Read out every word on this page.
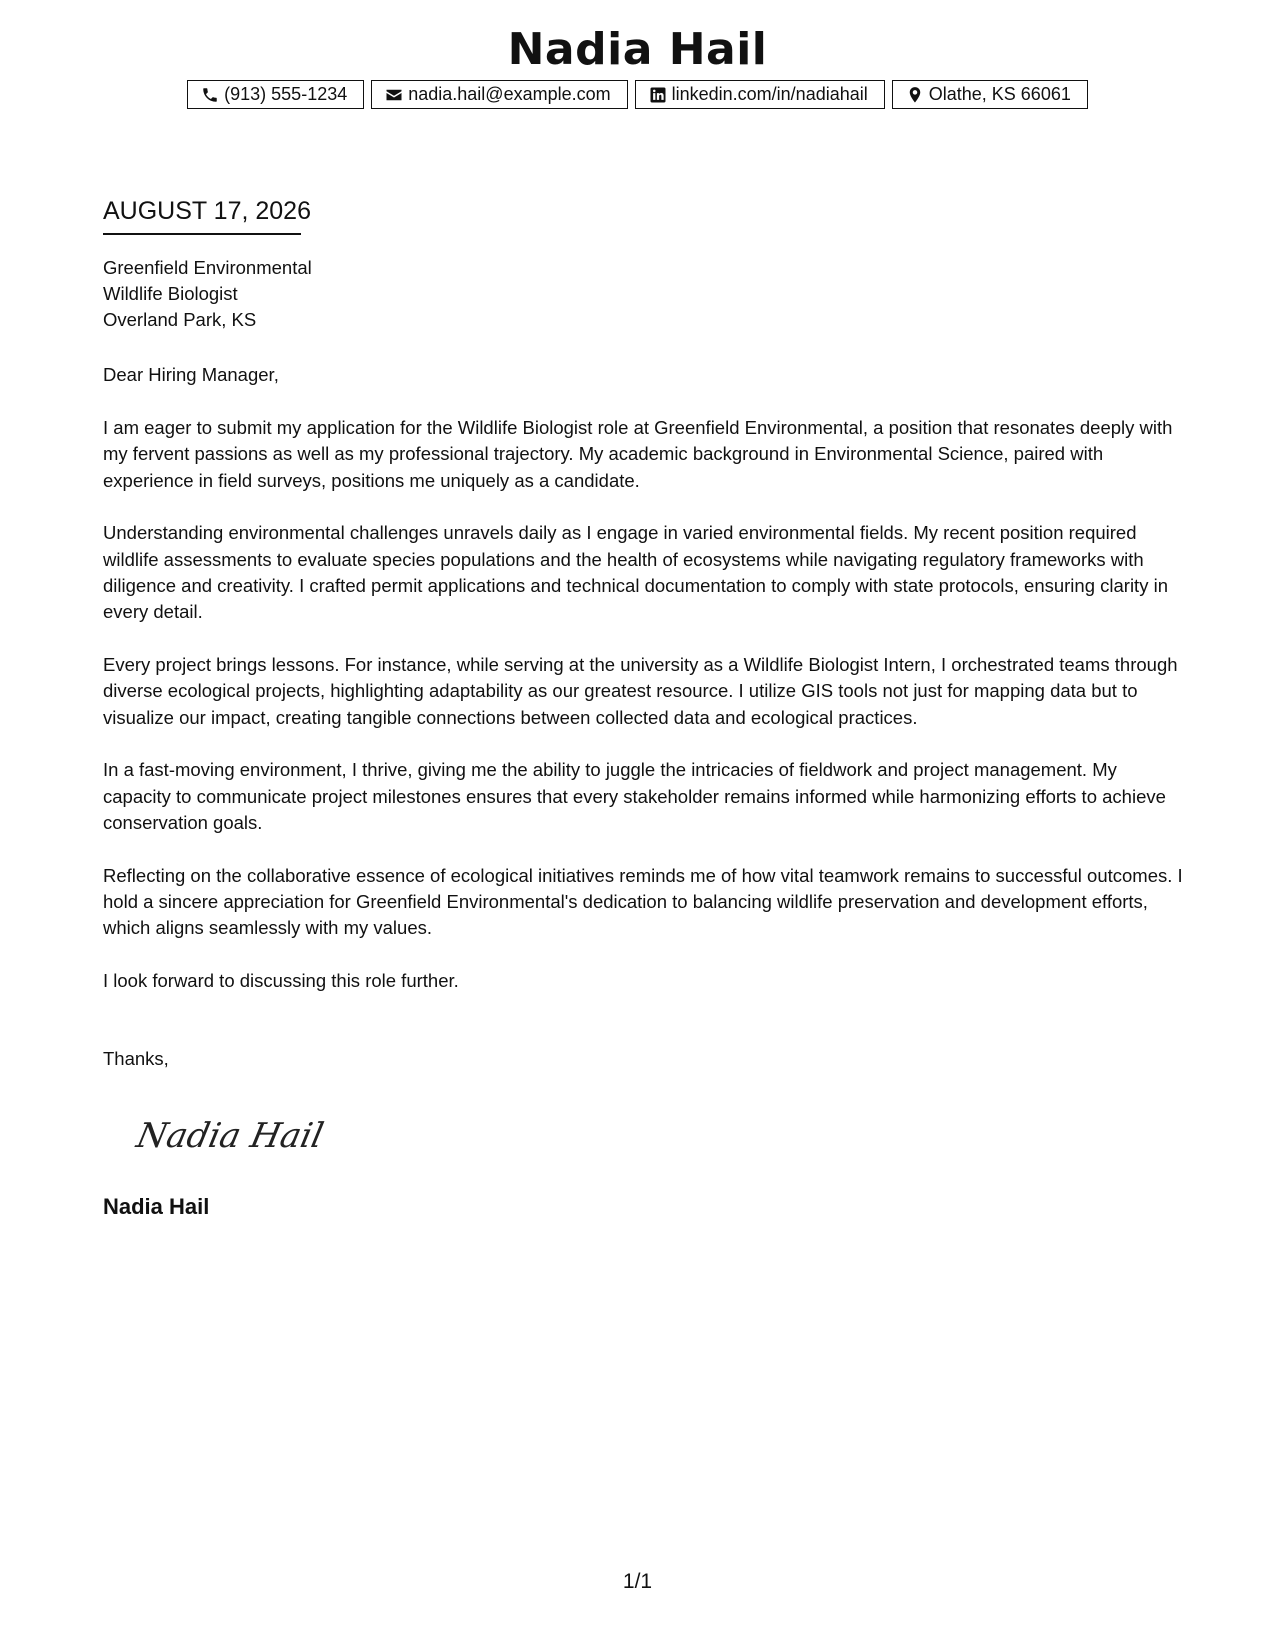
Nadia Hail
(913) 555-1234	nadia.hail@example.com	linkedin.com/in/nadiahail	Olathe, KS 66061
AUGUST 17, 2026
Greenfield Environmental
Wildlife Biologist
Overland Park, KS
Dear Hiring Manager,

I am eager to submit my application for the Wildlife Biologist role at Greenfield Environmental, a position that resonates deeply with my fervent passions as well as my professional trajectory. My academic background in Environmental Science, paired with experience in field surveys, positions me uniquely as a candidate.

Understanding environmental challenges unravels daily as I engage in varied environmental fields. My recent position required wildlife assessments to evaluate species populations and the health of ecosystems while navigating regulatory frameworks with diligence and creativity. I crafted permit applications and technical documentation to comply with state protocols, ensuring clarity in every detail.

Every project brings lessons. For instance, while serving at the university as a Wildlife Biologist Intern, I orchestrated teams through diverse ecological projects, highlighting adaptability as our greatest resource. I utilize GIS tools not just for mapping data but to visualize our impact, creating tangible connections between collected data and ecological practices.

In a fast-moving environment, I thrive, giving me the ability to juggle the intricacies of fieldwork and project management. My capacity to communicate project milestones ensures that every stakeholder remains informed while harmonizing efforts to achieve conservation goals.

Reflecting on the collaborative essence of ecological initiatives reminds me of how vital teamwork remains to successful outcomes. I hold a sincere appreciation for Greenfield Environmental's dedication to balancing wildlife preservation and development efforts, which aligns seamlessly with my values.

I look forward to discussing this role further.

Thanks,
Nadia Hail
Nadia Hail
1/1
